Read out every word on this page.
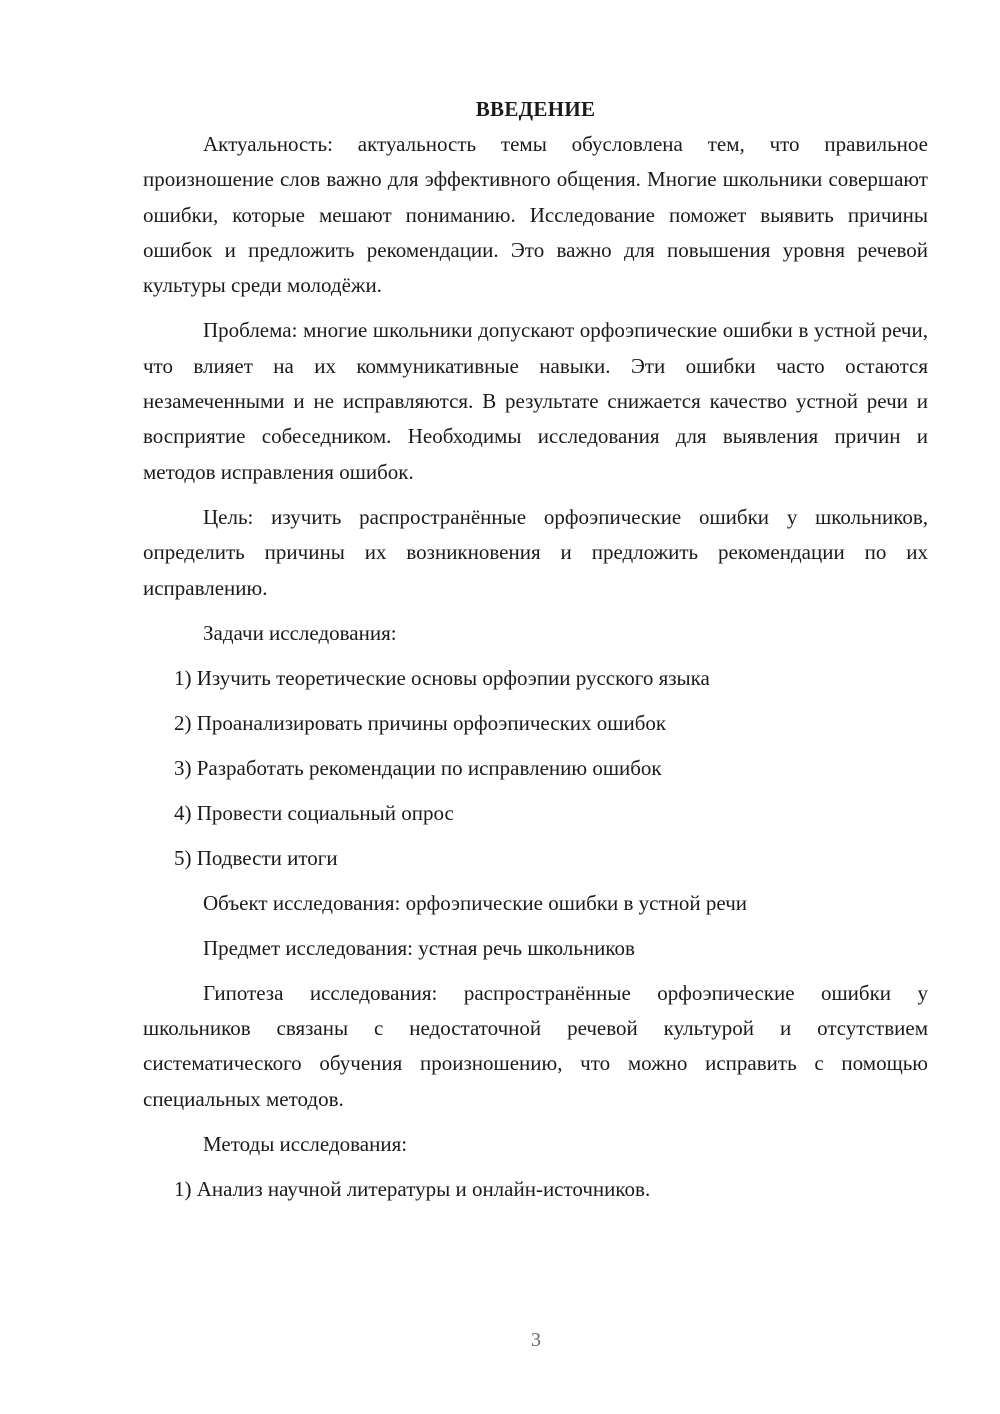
ВВЕДЕНИЕ

Актуальность: актуальность темы обусловлена тем, что правильное произношение слов важно для эффективного общения. Многие школьники совершают ошибки, которые мешают пониманию. Исследование поможет выявить причины ошибок и предложить рекомендации. Это важно для повышения уровня речевой культуры среди молодёжи.

Проблема: многие школьники допускают орфоэпические ошибки в устной речи, что влияет на их коммуникативные навыки. Эти ошибки часто остаются незамеченными и не исправляются. В результате снижается качество устной речи и восприятие собеседником. Необходимы исследования для выявления причин и методов исправления ошибок.

Цель: изучить распространённые орфоэпические ошибки у школьников, определить причины их возникновения и предложить рекомендации по их исправлению.

Задачи исследования:
1) Изучить теоретические основы орфоэпии русского языка
2) Проанализировать причины орфоэпических ошибок
3) Разработать рекомендации по исправлению ошибок
4) Провести социальный опрос
5) Подвести итоги
Объект исследования: орфоэпические ошибки в устной речи
Предмет исследования: устная речь школьников

Гипотеза исследования: распространённые орфоэпические ошибки у школьников связаны с недостаточной речевой культурой и отсутствием систематического обучения произношению, что можно исправить с помощью специальных методов.

Методы исследования:
1) Анализ научной литературы и онлайн-источников.
3
